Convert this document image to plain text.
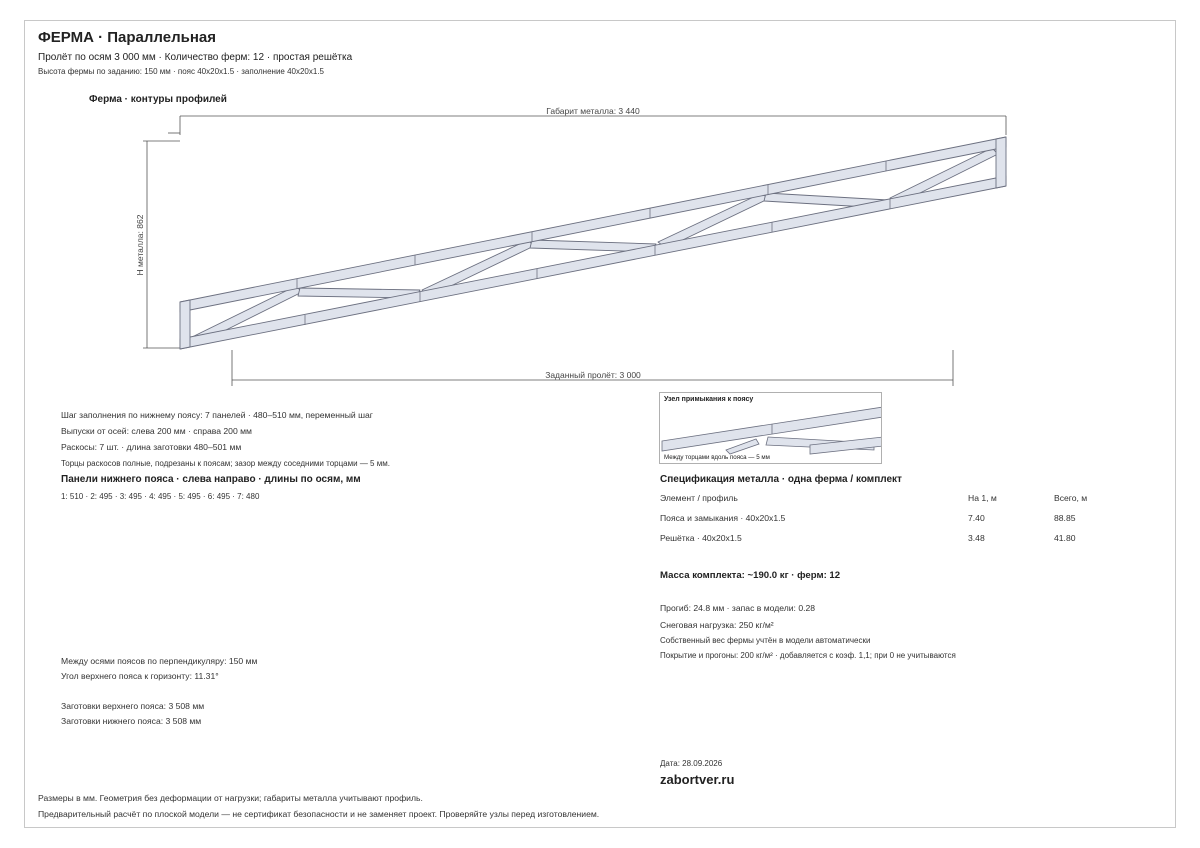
ФЕРМА · Параллельная
Пролёт по осям 3 000 мм · Количество ферм: 12 · простая решётка
Высота фермы по заданию: 150 мм · пояс 40х20х1.5 · заполнение 40х20х1.5
Ферма · контуры профилей
Габарит металла: 3 440
Н металла: 862
Заданный пролёт: 3 000
Шаг заполнения по нижнему поясу: 7 панелей · 480–510 мм, переменный шаг
Выпуски от осей: слева 200 мм · справа 200 мм
Раскосы: 7 шт. · длина заготовки 480–501 мм
Торцы раскосов полные, подрезаны к поясам; зазор между соседними торцами — 5 мм.
Панели нижнего пояса · слева направо · длины по осям, мм
1: 510 · 2: 495 · 3: 495 · 4: 495 · 5: 495 · 6: 495 · 7: 480
Между осями поясов по перпендикуляру: 150 мм
Угол верхнего пояса к горизонту: 11.31°
Заготовки верхнего пояса: 3 508 мм
Заготовки нижнего пояса: 3 508 мм
Узел примыкания к поясу
Между торцами вдоль пояса — 5 мм
Спецификация металла · одна ферма / комплект
Элемент / профиль	На 1, м	Всего, м
Пояса и замыкания · 40х20х1.5	7.40	88.85
Решётка · 40х20х1.5	3.48	41.80
Масса комплекта: ~190.0 кг · ферм: 12
Прогиб: 24.8 мм · запас в модели: 0.28
Снеговая нагрузка: 250 кг/м²
Собственный вес фермы учтён в модели автоматически
Покрытие и прогоны: 200 кг/м² · добавляется с коэф. 1,1; при 0 не учитываются
Дата: 28.09.2026
zabortver.ru
Размеры в мм. Геометрия без деформации от нагрузки; габариты металла учитывают профиль.
Предварительный расчёт по плоской модели — не сертификат безопасности и не заменяет проект. Проверяйте узлы перед изготовлением.
